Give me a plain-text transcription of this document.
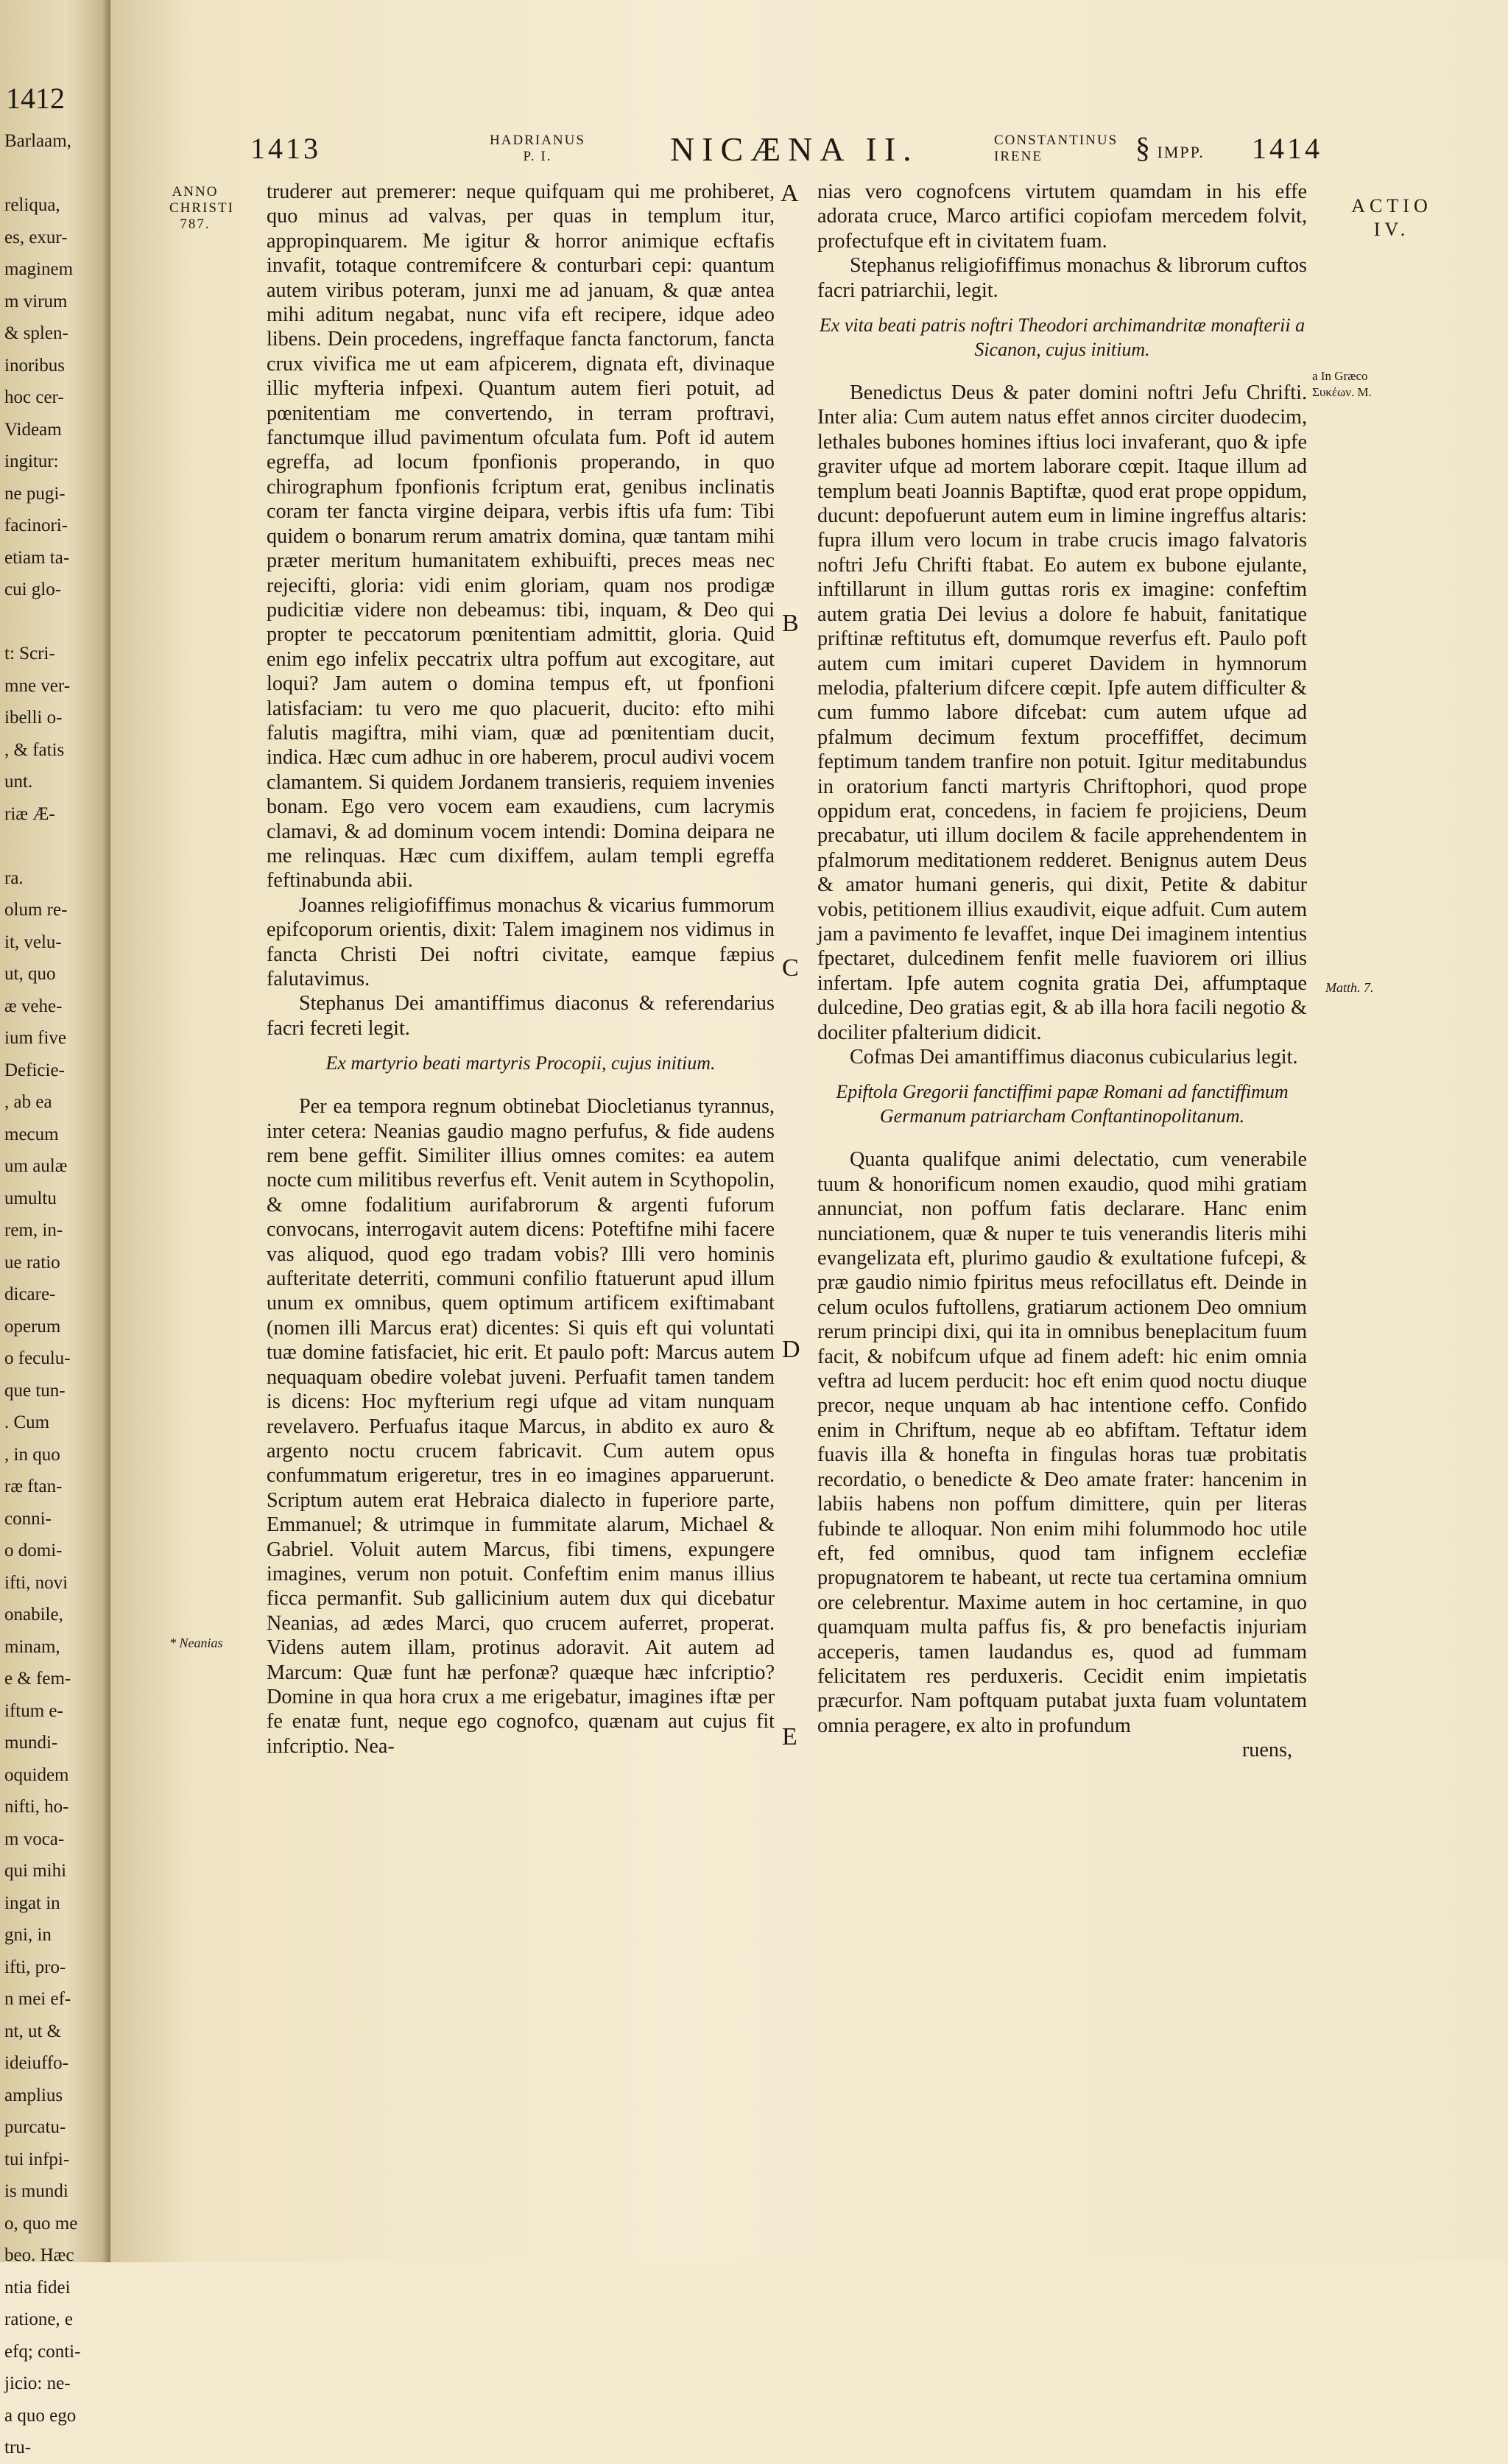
1412
Barlaam,

reliqua,
es, exur-
maginem
m virum
& splen-
inoribus
hoc cer-
Videam
ingitur:
ne pugi-
facinori-
etiam ta-
cui glo-

t: Scri-
mne ver-
ibelli o-
, & fatis
unt.
riæ Æ-

ra.
olum re-
it, velu-
ut, quo
æ vehe-
ium five
Deficie-
, ab ea
mecum
um aulæ
umultu
rem, in-
ue ratio
dicare-
operum
o feculu-
que tun-
. Cum
, in quo
ræ ftan-
conni-
o domi-
ifti, novi
onabile,
minam,
e & fem-
iftum e-
mundi-
oquidem
nifti, ho-
m voca-
qui mihi
ingat in
gni, in
ifti, pro-
n mei ef-
nt, ut &
ideiuffo-
amplius
purcatu-
tui infpi-
is mundi
o, quo me
beo. Hæc
ntia fidei
ratione, e
efq; conti-
jicio: ne-
a quo ego
tru-
1413	HADRIANUS
P. I.	NICÆNA II.	CONSTANTINUS
IRENE	§ IMPP. 1414
ANNO
CHRISTI
787.
* Neanias
A
B
C
D
E

truderer aut premerer: neque quifquam qui me prohiberet, quo minus ad valvas, per quas in templum itur, appropinquarem. Me igitur & horror animique ecftafis invafit, totaque contremifcere & conturbari cepi: quantum autem viribus poteram, junxi me ad januam, & quæ antea mihi aditum negabat, nunc vifa eft recipere, idque adeo libens. Dein procedens, ingreffaque fancta fanctorum, fancta crux vivifica me ut eam afpicerem, dignata eft, divinaque illic myfteria infpexi. Quantum autem fieri potuit, ad pœnitentiam me convertendo, in terram proftravi, fanctumque illud pavimentum ofculata fum. Poft id autem egreffa, ad locum fponfionis properando, in quo chirographum fponfionis fcriptum erat, genibus inclinatis coram ter fancta virgine deipara, verbis iftis ufa fum: Tibi quidem o bonarum rerum amatrix domina, quæ tantam mihi præter meritum humanitatem exhibuifti, preces meas nec rejecifti, gloria: vidi enim gloriam, quam nos prodigæ pudicitiæ videre non debeamus: tibi, inquam, & Deo qui propter te peccatorum pœnitentiam admittit, gloria. Quid enim ego infelix peccatrix ultra poffum aut excogitare, aut loqui? Jam autem o domina tempus eft, ut fponfioni latisfaciam: tu vero me quo placuerit, ducito: efto mihi falutis magiftra, mihi viam, quæ ad pœnitentiam ducit, indica. Hæc cum adhuc in ore haberem, procul audivi vocem clamantem. Si quidem Jordanem transieris, requiem invenies bonam. Ego vero vocem eam exaudiens, cum lacrymis clamavi, & ad dominum vocem intendi: Domina deipara ne me relinquas. Hæc cum dixiffem, aulam templi egreffa feftinabunda abii.

Joannes religiofiffimus monachus & vicarius fummorum epifcoporum orientis, dixit: Talem imaginem nos vidimus in fancta Christi Dei noftri civitate, eamque fæpius falutavimus.

Stephanus Dei amantiffimus diaconus & referendarius facri fecreti legit.

Ex martyrio beati martyris Procopii, cujus initium.

Per ea tempora regnum obtinebat Diocletianus tyrannus, inter cetera: Neanias gaudio magno perfufus, & fide audens rem bene geffit. Similiter illius omnes comites: ea autem nocte cum militibus reverfus eft. Venit autem in Scythopolin, & omne fodalitium aurifabrorum & argenti fuforum convocans, interrogavit autem dicens: Poteftifne mihi facere vas aliquod, quod ego tradam vobis? Illi vero hominis aufteritate deterriti, communi confilio ftatuerunt apud illum unum ex omnibus, quem optimum artificem exiftimabant (nomen illi Marcus erat) dicentes: Si quis eft qui voluntati tuæ domine fatisfaciet, hic erit. Et paulo poft: Marcus autem nequaquam obedire volebat juveni. Perfuafit tamen tandem is dicens: Hoc myfterium regi ufque ad vitam nunquam revelavero. Perfuafus itaque Marcus, in abdito ex auro & argento noctu crucem fabricavit. Cum autem opus confummatum erigeretur, tres in eo imagines apparuerunt. Scriptum autem erat Hebraica dialecto in fuperiore parte, Emmanuel; & utrimque in fummitate alarum, Michael & Gabriel. Voluit autem Marcus, fibi timens, expungere imagines, verum non potuit. Confeftim enim manus illius ficca permanfit. Sub gallicinium autem dux qui dicebatur Neanias, ad ædes Marci, quo crucem auferret, properat. Videns autem illam, protinus adoravit. Ait autem ad Marcum: Quæ funt hæ perfonæ? quæque hæc infcriptio? Domine in qua hora crux a me erigebatur, imagines iftæ per fe enatæ funt, neque ego cognofco, quænam aut cujus fit infcriptio. Nea-

nias vero cognofcens virtutem quamdam in his effe adorata cruce, Marco artifici copiofam mercedem folvit, profectufque eft in civitatem fuam.

Stephanus religiofiffimus monachus & librorum cuftos facri patriarchii, legit.

Ex vita beati patris noftri Theodori archimandritæ monafterii a Sicanon, cujus initium.

Benedictus Deus & pater domini noftri Jefu Chrifti. Inter alia: Cum autem natus effet annos circiter duodecim, lethales bubones homines iftius loci invaferant, quo & ipfe graviter ufque ad mortem laborare cœpit. Itaque illum ad templum beati Joannis Baptiftæ, quod erat prope oppidum, ducunt: depofuerunt autem eum in limine ingreffus altaris: fupra illum vero locum in trabe crucis imago falvatoris noftri Jefu Chrifti ftabat. Eo autem ex bubone ejulante, inftillarunt in illum guttas roris ex imagine: confeftim autem gratia Dei levius a dolore fe habuit, fanitatique priftinæ reftitutus eft, domumque reverfus eft. Paulo poft autem cum imitari cuperet Davidem in hymnorum melodia, pfalterium difcere cœpit. Ipfe autem difficulter & cum fummo labore difcebat: cum autem ufque ad pfalmum decimum fextum proceffiffet, decimum feptimum tandem tranfire non potuit. Igitur meditabundus in oratorium fancti martyris Chriftophori, quod prope oppidum erat, concedens, in faciem fe projiciens, Deum precabatur, uti illum docilem & facile apprehendentem in pfalmorum meditationem redderet. Benignus autem Deus & amator humani generis, qui dixit, Petite & dabitur vobis, petitionem illius exaudivit, eique adfuit. Cum autem jam a pavimento fe levaffet, inque Dei imaginem intentius fpectaret, dulcedinem fenfit melle fuaviorem ori illius infertam. Ipfe autem cognita gratia Dei, affumptaque dulcedine, Deo gratias egit, & ab illa hora facili negotio & dociliter pfalterium didicit.

Cofmas Dei amantiffimus diaconus cubicularius legit.

Epiftola Gregorii fanctiffimi papæ Romani ad fanctiffimum Germanum patriarcham Conftantinopolitanum.

Quanta qualifque animi delectatio, cum venerabile tuum & honorificum nomen exaudio, quod mihi gratiam annunciat, non poffum fatis declarare. Hanc enim nunciationem, quæ & nuper te tuis venerandis literis mihi evangelizata eft, plurimo gaudio & exultatione fufcepi, & præ gaudio nimio fpiritus meus refocillatus eft. Deinde in celum oculos fuftollens, gratiarum actionem Deo omnium rerum principi dixi, qui ita in omnibus beneplacitum fuum facit, & nobifcum ufque ad finem adeft: hic enim omnia veftra ad lucem perducit: hoc eft enim quod noctu diuque precor, neque unquam ab hac intentione ceffo. Confido enim in Chriftum, neque ab eo abfiftam. Teftatur idem fuavis illa & honefta in fingulas horas tuæ probitatis recordatio, o benedicte & Deo amate frater: hancenim in labiis habens non poffum dimittere, quin per literas fubinde te alloquar. Non enim mihi folummodo hoc utile eft, fed omnibus, quod tam infignem ecclefiæ propugnatorem te habeant, ut recte tua certamina omnium ore celebrentur. Maxime autem in hoc certamine, in quo quamquam multa paffus fis, & pro benefactis injuriam acceperis, tamen laudandus es, quod ad fummam felicitatem res perduxeris. Cecidit enim impietatis præcurfor. Nam poftquam putabat juxta fuam voluntatem omnia peragere, ex alto in profundum

ruens,
ACTIO
IV.
a In Græco
Συκέων. M.
Matth. 7.
